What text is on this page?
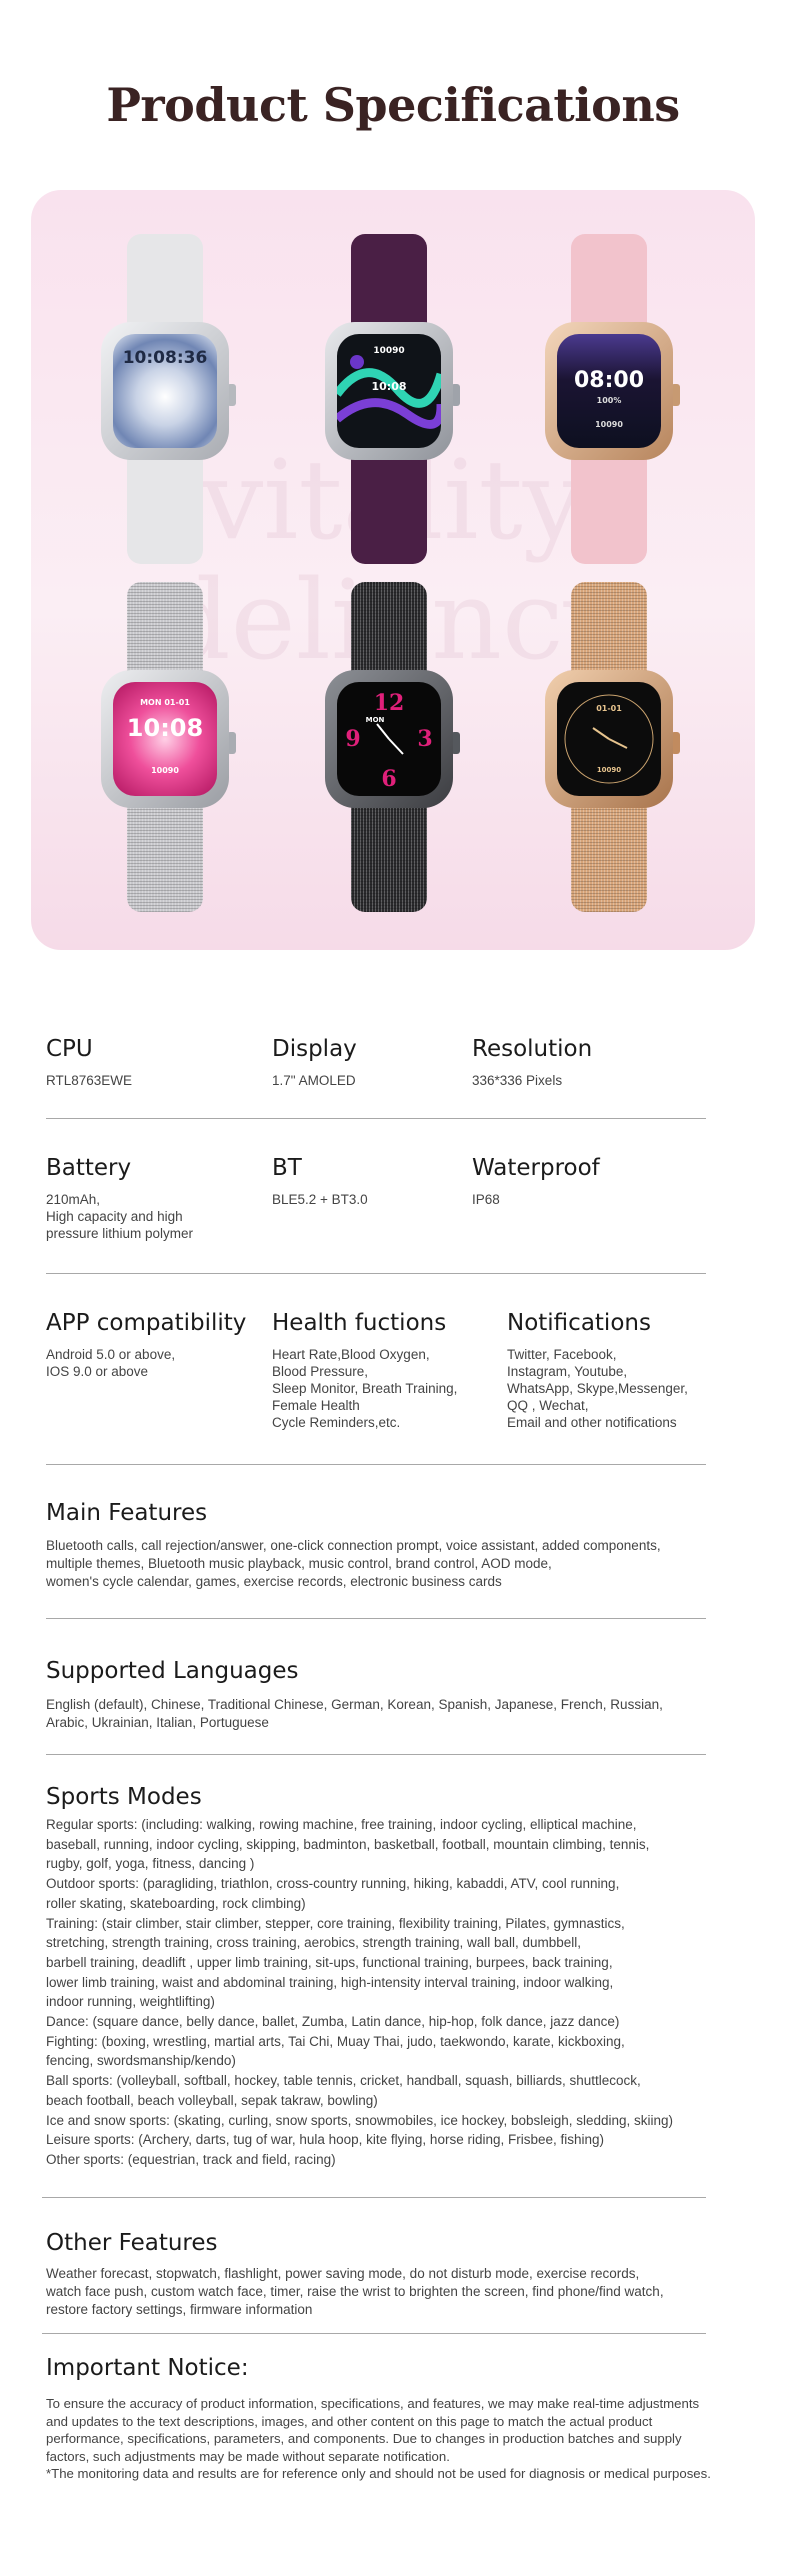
Product Specifications
10:08:36	10090
10:08	08:00
100%
10090
MON 01-01
10:08
10090
12
3
6
9
MON
01-01
10090
CPU
RTL8763EWE
Display
1.7" AMOLED
Resolution
336*336 Pixels
Battery
210mAh,
High capacity and high
pressure lithium polymer
BT
BLE5.2 + BT3.0
Waterproof
IP68
APP compatibility
Android 5.0 or above,
IOS 9.0 or above
Health fuctions
Heart Rate,Blood Oxygen,
Blood Pressure,
Sleep Monitor, Breath Training,
Female Health
Cycle Reminders,etc.
Notifications
Twitter, Facebook,
Instagram, Youtube,
WhatsApp, Skype,Messenger,
QQ , Wechat,
Email and other notifications
Main Features
Bluetooth calls, call rejection/answer, one-click connection prompt, voice assistant, added components,
multiple themes, Bluetooth music playback, music control, brand control, AOD mode,
women's cycle calendar, games, exercise records, electronic business cards
Supported Languages
English (default), Chinese, Traditional Chinese, German, Korean, Spanish, Japanese, French, Russian,
Arabic, Ukrainian, Italian, Portuguese
Sports Modes
Regular sports: (including: walking, rowing machine, free training, indoor cycling, elliptical machine,
baseball, running, indoor cycling, skipping, badminton, basketball, football, mountain climbing, tennis,
rugby, golf, yoga, fitness, dancing )
Outdoor sports: (paragliding, triathlon, cross-country running, hiking, kabaddi, ATV, cool running,
roller skating, skateboarding, rock climbing)
Training: (stair climber, stair climber, stepper, core training, flexibility training, Pilates, gymnastics,
stretching, strength training, cross training, aerobics, strength training, wall ball, dumbbell,
barbell training, deadlift , upper limb training, sit-ups, functional training, burpees, back training,
lower limb training, waist and abdominal training, high-intensity interval training, indoor walking,
indoor running, weightlifting)
Dance: (square dance, belly dance, ballet, Zumba, Latin dance, hip-hop, folk dance, jazz dance)
Fighting: (boxing, wrestling, martial arts, Tai Chi, Muay Thai, judo, taekwondo, karate, kickboxing,
fencing, swordsmanship/kendo)
Ball sports: (volleyball, softball, hockey, table tennis, cricket, handball, squash, billiards, shuttlecock,
beach football, beach volleyball, sepak takraw, bowling)
Ice and snow sports: (skating, curling, snow sports, snowmobiles, ice hockey, bobsleigh, sledding, skiing)
Leisure sports: (Archery, darts, tug of war, hula hoop, kite flying, horse riding, Frisbee, fishing)
Other sports: (equestrian, track and field, racing)
Other Features
Weather forecast, stopwatch, flashlight, power saving mode, do not disturb mode, exercise records,
watch face push, custom watch face, timer, raise the wrist to brighten the screen, find phone/find watch,
restore factory settings, firmware information
Important Notice:
To ensure the accuracy of product information, specifications, and features, we may make real-time adjustments
and updates to the text descriptions, images, and other content on this page to match the actual product
performance, specifications, parameters, and components. Due to changes in production batches and supply
factors, such adjustments may be made without separate notification.
*The monitoring data and results are for reference only and should not be used for diagnosis or medical purposes.
